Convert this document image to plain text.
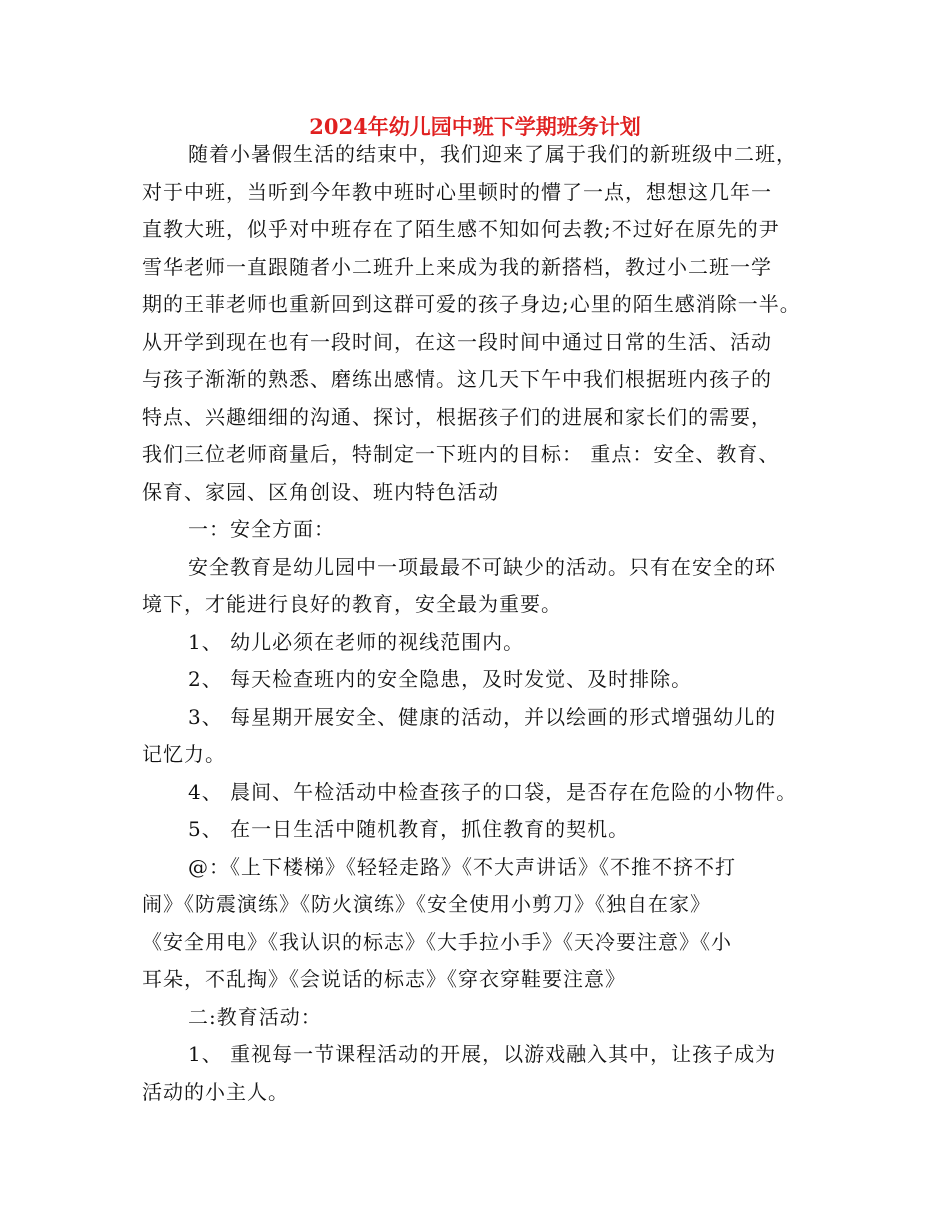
2024年幼儿园中班下学期班务计划

随着小暑假生活的结束中，我们迎来了属于我们的新班级中二班，

对于中班，当听到今年教中班时心里顿时的懵了一点，想想这几年一

直教大班，似乎对中班存在了陌生感不知如何去教;不过好在原先的尹

雪华老师一直跟随者小二班升上来成为我的新搭档，教过小二班一学

期的王菲老师也重新回到这群可爱的孩子身边;心里的陌生感消除一半。

从开学到现在也有一段时间，在这一段时间中通过日常的生活、活动

与孩子渐渐的熟悉、磨练出感情。这几天下午中我们根据班内孩子的

特点、兴趣细细的沟通、探讨，根据孩子们的进展和家长们的需要，

我们三位老师商量后，特制定一下班内的目标： 重点：安全、教育、

保育、家园、区角创设、班内特色活动

一：安全方面：

安全教育是幼儿园中一项最最不可缺少的活动。只有在安全的环

境下，才能进行良好的教育，安全最为重要。

1、 幼儿必须在老师的视线范围内。

2、 每天检查班内的安全隐患，及时发觉、及时排除。

3、 每星期开展安全、健康的活动，并以绘画的形式增强幼儿的

记忆力。

4、 晨间、午检活动中检查孩子的口袋，是否存在危险的小物件。

5、 在一日生活中随机教育，抓住教育的契机。

@：《上下楼梯》《轻轻走路》《不大声讲话》《不推不挤不打

闹》《防震演练》《防火演练》《安全使用小剪刀》《独自在家》

《安全用电》《我认识的标志》《大手拉小手》《天冷要注意》《小

耳朵，不乱掏》《会说话的标志》《穿衣穿鞋要注意》

二:教育活动：

1、 重视每一节课程活动的开展，以游戏融入其中，让孩子成为

活动的小主人。
